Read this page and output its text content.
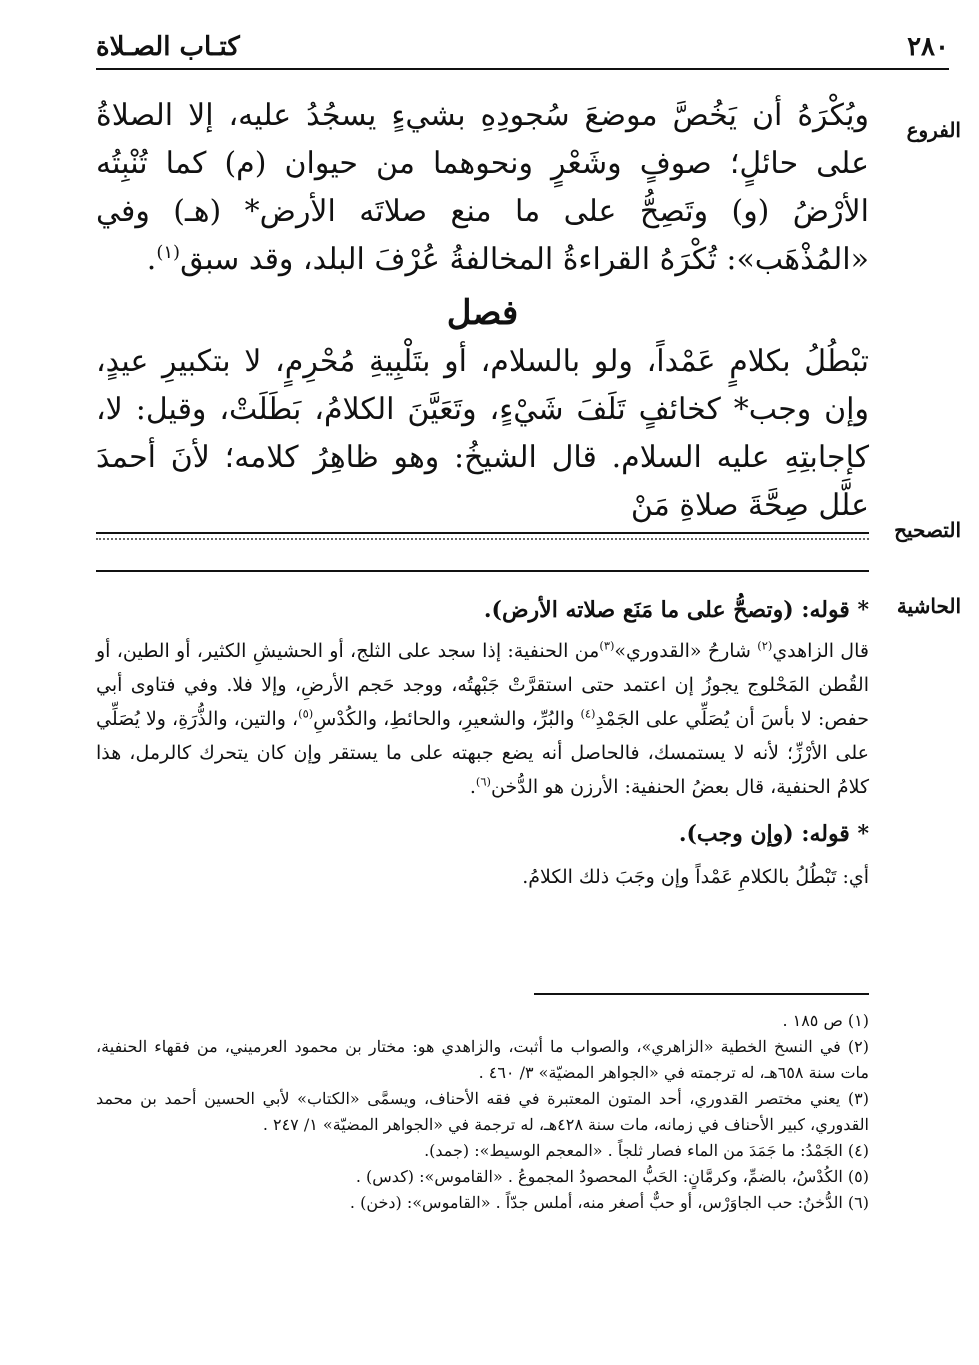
٢٨٠
كتـاب الصـلاة
الفروع
التصحيح
الحاشية

ويُكْرَهُ أن يَخُصَّ موضعَ سُجودِهِ بشيءٍ يسجُدُ عليه، إلا الصلاةُ على حائلٍ؛ صوفٍ وشَعْرٍ ونحوهما من حيوان (م) كما تُنْبِتُه الأرْضُ (و) وتَصِحُّ على ما منع صلاتَه الأرض* (هـ) وفي «المُذْهَب»: تُكْرَهُ القراءةُ المخالفةُ عُرْفَ البلد، وقد سبق$^{(١)}$.

فصل

تبْطُلُ بكلامٍ عَمْداً، ولو بالسلام، أو بتَلْبِيةِ مُحْرِمٍ، لا بتكبيرِ عيدٍ، وإن وجب* كخائفٍ تَلَفَ شَيْءٍ، وتَعَيَّنَ الكلامُ، بَطَلَتْ، وقيل: لا، كإجابتِهِ عليه السلام. قال الشيخُ: وهو ظاهِرُ كلامه؛ لأنَ أحمدَ علَّل صِحَّةَ صلاةِ مَنْ

* قوله: (وتصحُّ على ما مَنَع صلاته الأرض).

قال الزاهدي$^{(٢)}$ شارحُ «القدوري»$^{(٣)}$من الحنفية: إذا سجد على الثلج، أو الحشيشِ الكثير، أو الطين، أو القُطن المَحْلوج يجوزُ إن اعتمد حتى استقرَّتْ جَبْهتُه، ووجد حَجم الأرضِ، وإلا فلا. وفي فتاوى أبي حفص: لا بأسَ أن يُصَلِّي على الجَمْدِ$^{(٤)}$ والبُرِّ، والشعيرِ، والحائطِ، والكُدْسِ$^{(٥)}$، والتين، والذُّرَةِ، ولا يُصَلِّي على الأرْزِّ؛ لأنه لا يستمسك، فالحاصل أنه يضع جبهته على ما يستقر وإن كان يتحرك كالرمل، هذا كلامُ الحنفية، قال بعضُ الحنفية: الأرزن هو الدُّخن$^{(٦)}$.

* قوله: (وإن وجب).

أي: تَبْطُلُ بالكلامِ عَمْداً وإن وجَبَ ذلك الكلامُ.

(١) ص ١٨٥ .

(٢) في النسخ الخطية «الزاهري»، والصواب ما أثبت، والزاهدي هو: مختار بن محمود العرميني، من فقهاء الحنفية، مات سنة ٦٥٨هـ، له ترجمته في «الجواهر المضيّة» ٣/ ٤٦٠ .

(٣) يعني مختصر القدوري، أحد المتون المعتبرة في فقه الأحناف، ويسمَّى «الكتاب» لأبي الحسين أحمد بن محمد القدوري، كبير الأحناف في زمانه، مات سنة ٤٢٨هـ، له ترجمة في «الجواهر المضيّة» ١/ ٢٤٧ .

(٤) الجَمْدُ: ما جَمَدَ من الماء فصار ثلجاً . «المعجم الوسيط»: (جمد).

(٥) الكُدْسُ، بالضمِّ، وكرمَّانٍ: الحَبُّ المحصودُ المجموعُ . «القاموس»: (كدس) .

(٦) الدُّخنُ: حب الجاوَرْس، أو حبٌّ أصغر منه، أملس جدّاً . «القاموس»: (دخن) .
